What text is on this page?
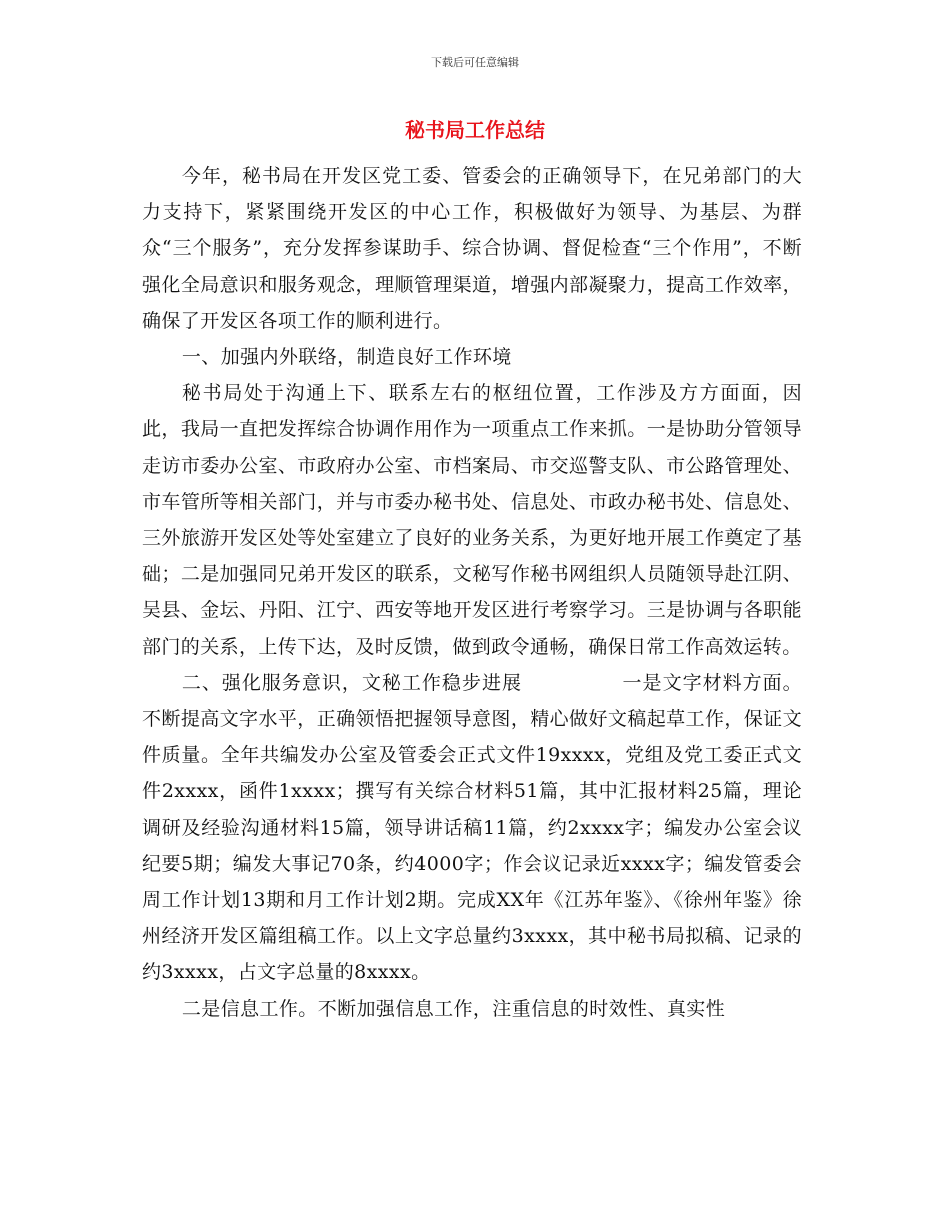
下载后可任意编辑
秘书局工作总结

今年，秘书局在开发区党工委、管委会的正确领导下，在兄弟部门的大力支持下，紧紧围绕开发区的中心工作，积极做好为领导、为基层、为群众“三个服务”，充分发挥参谋助手、综合协调、督促检查“三个作用”，不断强化全局意识和服务观念，理顺管理渠道，增强内部凝聚力，提高工作效率，确保了开发区各项工作的顺利进行。

一、加强内外联络，制造良好工作环境

秘书局处于沟通上下、联系左右的枢纽位置，工作涉及方方面面，因此，我局一直把发挥综合协调作用作为一项重点工作来抓。一是协助分管领导走访市委办公室、市政府办公室、市档案局、市交巡警支队、市公路管理处、市车管所等相关部门，并与市委办秘书处、信息处、市政办秘书处、信息处、三外旅游开发区处等处室建立了良好的业务关系，为更好地开展工作奠定了基础；二是加强同兄弟开发区的联系，文秘写作秘书网组织人员随领导赴江阴、吴县、金坛、丹阳、江宁、西安等地开发区进行考察学习。三是协调与各职能部门的关系，上传下达，及时反馈，做到政令通畅，确保日常工作高效运转。

二、强化服务意识，文秘工作稳步进展	一是文字材料方面。不断提高文字水平，正确领悟把握领导意图，精心做好文稿起草工作，保证文件质量。全年共编发办公室及管委会正式文件19xxxx，党组及党工委正式文件2xxxx，函件1xxxx；撰写有关综合材料51篇，其中汇报材料25篇，理论调研及经验沟通材料15篇，领导讲话稿11篇，约2xxxx字；编发办公室会议纪要5期；编发大事记70条，约4000字；作会议记录近xxxx字；编发管委会周工作计划13期和月工作计划2期。完成XX年《江苏年鉴》、《徐州年鉴》徐州经济开发区篇组稿工作。以上文字总量约3xxxx，其中秘书局拟稿、记录的约3xxxx，占文字总量的8xxxx。

二是信息工作。不断加强信息工作，注重信息的时效性、真实性
